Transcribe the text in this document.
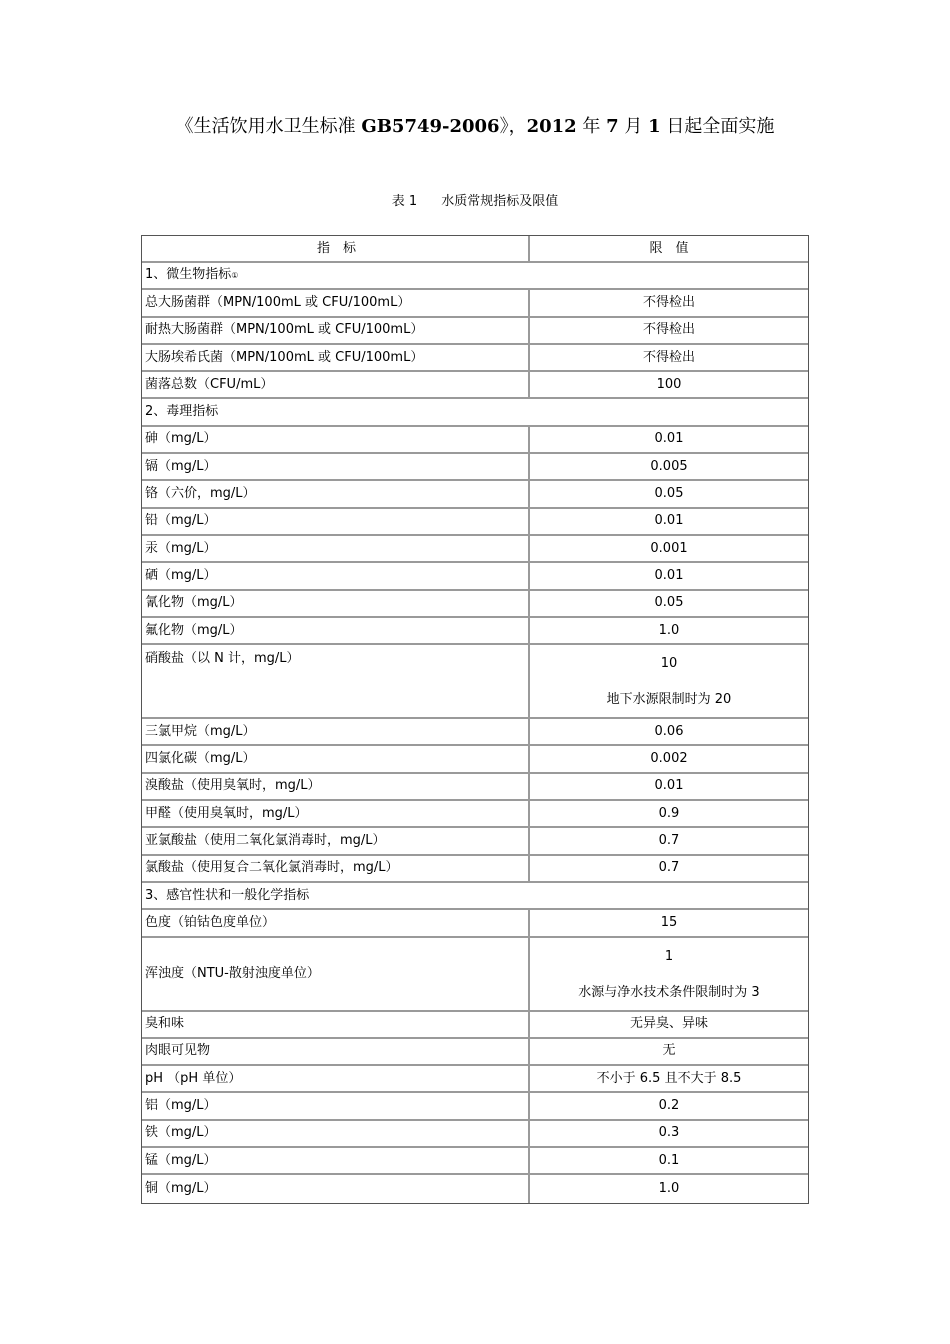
《生活饮用水卫生标准 GB5749-2006》，2012 年 7 月 1 日起全面实施
表 1 水质常规指标及限值
指　标	限　值
1、微生物指标①	
总大肠菌群（MPN/100mL 或 CFU/100mL）	不得检出
耐热大肠菌群（MPN/100mL 或 CFU/100mL）	不得检出
大肠埃希氏菌（MPN/100mL 或 CFU/100mL）	不得检出
菌落总数（CFU/mL）	100
2、毒理指标	
砷（mg/L）	0.01
镉（mg/L）	0.005
铬（六价，mg/L）	0.05
铅（mg/L）	0.01
汞（mg/L）	0.001
硒（mg/L）	0.01
氰化物（mg/L）	0.05
氟化物（mg/L）	1.0
硝酸盐（以 N 计，mg/L）	10
地下水源限制时为 20

三氯甲烷（mg/L）	0.06
四氯化碳（mg/L）	0.002
溴酸盐（使用臭氧时，mg/L）	0.01
甲醛（使用臭氧时，mg/L）	0.9
亚氯酸盐（使用二氧化氯消毒时，mg/L）	0.7
氯酸盐（使用复合二氧化氯消毒时，mg/L）	0.7
3、感官性状和一般化学指标	
色度（铂钴色度单位）	15
浑浊度（NTU-散射浊度单位）	1
水源与净水技术条件限制时为 3

臭和味	无异臭、异味
肉眼可见物	无
pH （pH 单位）	不小于 6.5 且不大于 8.5
铝（mg/L）	0.2
铁（mg/L）	0.3
锰（mg/L）	0.1
铜（mg/L）	1.0
